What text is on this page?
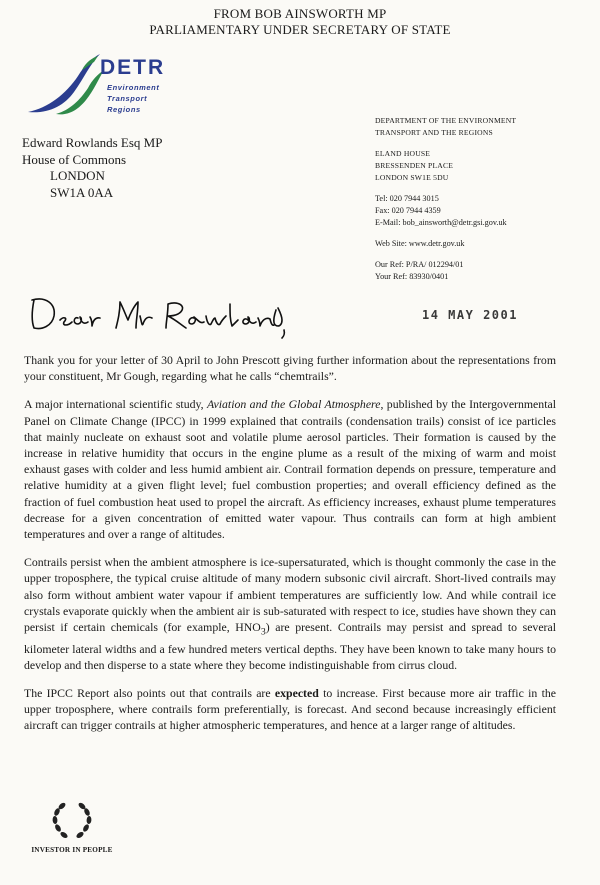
FROM BOB AINSWORTH MP
PARLIAMENTARY UNDER SECRETARY OF STATE
DETR
Environment
Transport
Regions
Edward Rowlands Esq MP
House of Commons
LONDON
SW1A 0AA
DEPARTMENT OF THE ENVIRONMENT
TRANSPORT AND THE REGIONS
ELAND HOUSE
BRESSENDEN PLACE
LONDON SW1E 5DU
Tel: 020 7944 3015
Fax: 020 7944 4359
E-Mail: bob_ainsworth@detr.gsi.gov.uk
Web Site: www.detr.gov.uk
Our Ref: P/RA/ 012294/01
Your Ref: 83930/0401
Dear Mr Rowlands,
14 MAY 2001

Thank you for your letter of 30 April to John Prescott giving further information about the representations from your constituent, Mr Gough, regarding what he calls “chemtrails”.

A major international scientific study, Aviation and the Global Atmosphere, published by the Intergovernmental Panel on Climate Change (IPCC) in 1999 explained that contrails (condensation trails) consist of ice particles that mainly nucleate on exhaust soot and volatile plume aerosol particles. Their formation is caused by the increase in relative humidity that occurs in the engine plume as a result of the mixing of warm and moist exhaust gases with colder and less humid ambient air. Contrail formation depends on pressure, temperature and relative humidity at a given flight level; fuel combustion properties; and overall efficiency defined as the fraction of fuel combustion heat used to propel the aircraft. As efficiency increases, exhaust plume temperatures decrease for a given concentration of emitted water vapour. Thus contrails can form at high ambient temperatures and over a range of altitudes.

Contrails persist when the ambient atmosphere is ice-supersaturated, which is thought commonly the case in the upper troposphere, the typical cruise altitude of many modern subsonic civil aircraft. Short-lived contrails may also form without ambient water vapour if ambient temperatures are sufficiently low. And while contrail ice crystals evaporate quickly when the ambient air is sub-saturated with respect to ice, studies have shown they can persist if certain chemicals (for example, $HNO_3$) are present. Contrails may persist and spread to several kilometer lateral widths and a few hundred meters vertical depths. They have been known to take many hours to develop and then disperse to a state where they become indistinguishable from cirrus cloud.

The IPCC Report also points out that contrails are expected to increase. First because more air traffic in the upper troposphere, where contrails form preferentially, is forecast. And second because increasingly efficient aircraft can trigger contrails at higher atmospheric temperatures, and hence at a larger range of altitudes.

INVESTOR IN PEOPLE
